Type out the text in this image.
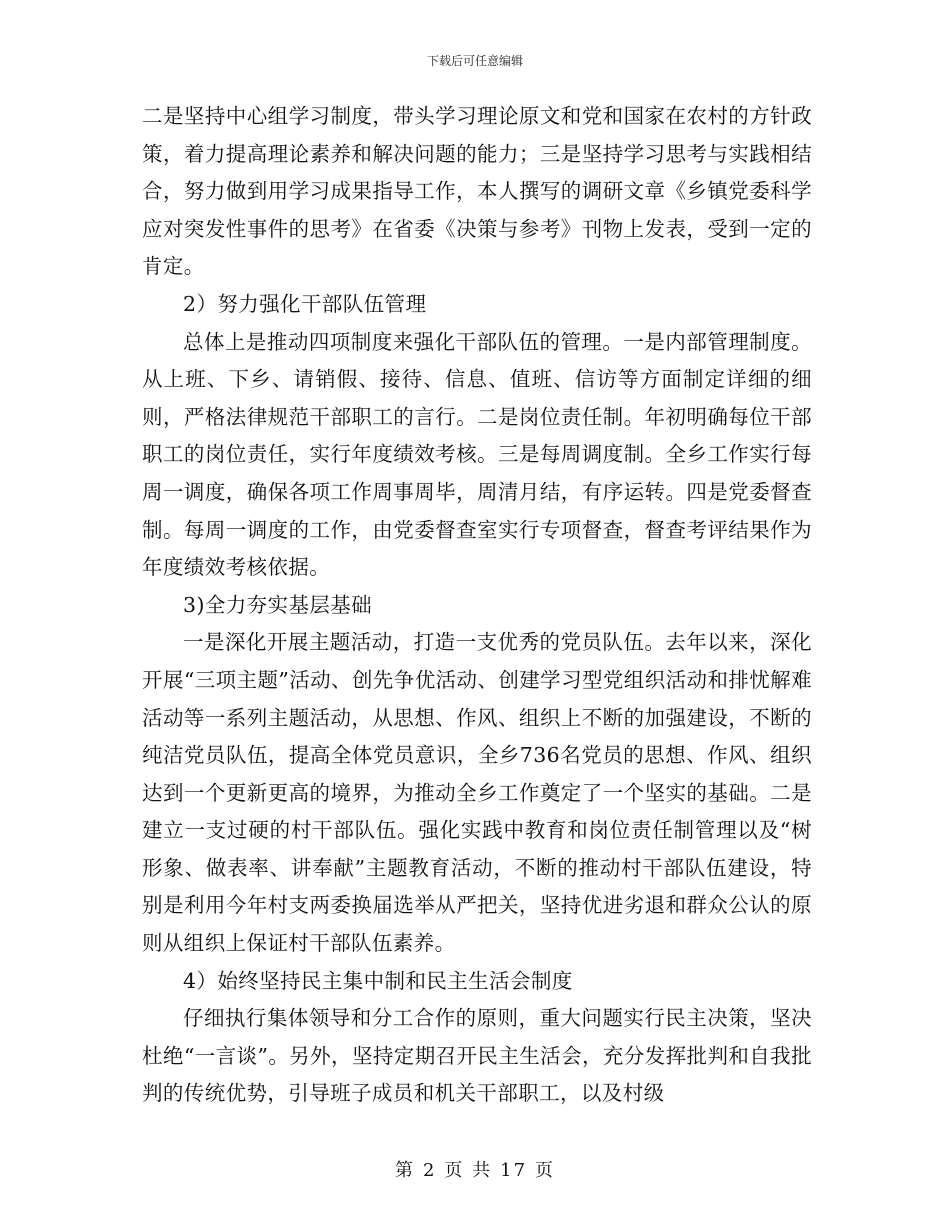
下载后可任意编辑

二是坚持中心组学习制度，带头学习理论原文和党和国家在农村的方针政策，着力提高理论素养和解决问题的能力；三是坚持学习思考与实践相结合，努力做到用学习成果指导工作，本人撰写的调研文章《乡镇党委科学应对突发性事件的思考》在省委《决策与参考》刊物上发表，受到一定的肯定。

2）努力强化干部队伍管理

总体上是推动四项制度来强化干部队伍的管理。一是内部管理制度。从上班、下乡、请销假、接待、信息、值班、信访等方面制定详细的细则，严格法律规范干部职工的言行。二是岗位责任制。年初明确每位干部职工的岗位责任，实行年度绩效考核。三是每周调度制。全乡工作实行每周一调度，确保各项工作周事周毕，周清月结，有序运转。四是党委督查制。每周一调度的工作，由党委督查室实行专项督查，督查考评结果作为年度绩效考核依据。

3)全力夯实基层基础

一是深化开展主题活动，打造一支优秀的党员队伍。去年以来，深化开展“三项主题”活动、创先争优活动、创建学习型党组织活动和排忧解难活动等一系列主题活动，从思想、作风、组织上不断的加强建设，不断的纯洁党员队伍，提高全体党员意识，全乡736名党员的思想、作风、组织达到一个更新更高的境界，为推动全乡工作奠定了一个坚实的基础。二是建立一支过硬的村干部队伍。强化实践中教育和岗位责任制管理以及“树形象、做表率、讲奉献”主题教育活动，不断的推动村干部队伍建设，特别是利用今年村支两委换届选举从严把关，坚持优进劣退和群众公认的原则从组织上保证村干部队伍素养。

4）始终坚持民主集中制和民主生活会制度

仔细执行集体领导和分工合作的原则，重大问题实行民主决策，坚决杜绝“一言谈”。另外，坚持定期召开民主生活会，充分发挥批判和自我批判的传统优势，引导班子成员和机关干部职工，以及村级

第 2 页 共 17 页
